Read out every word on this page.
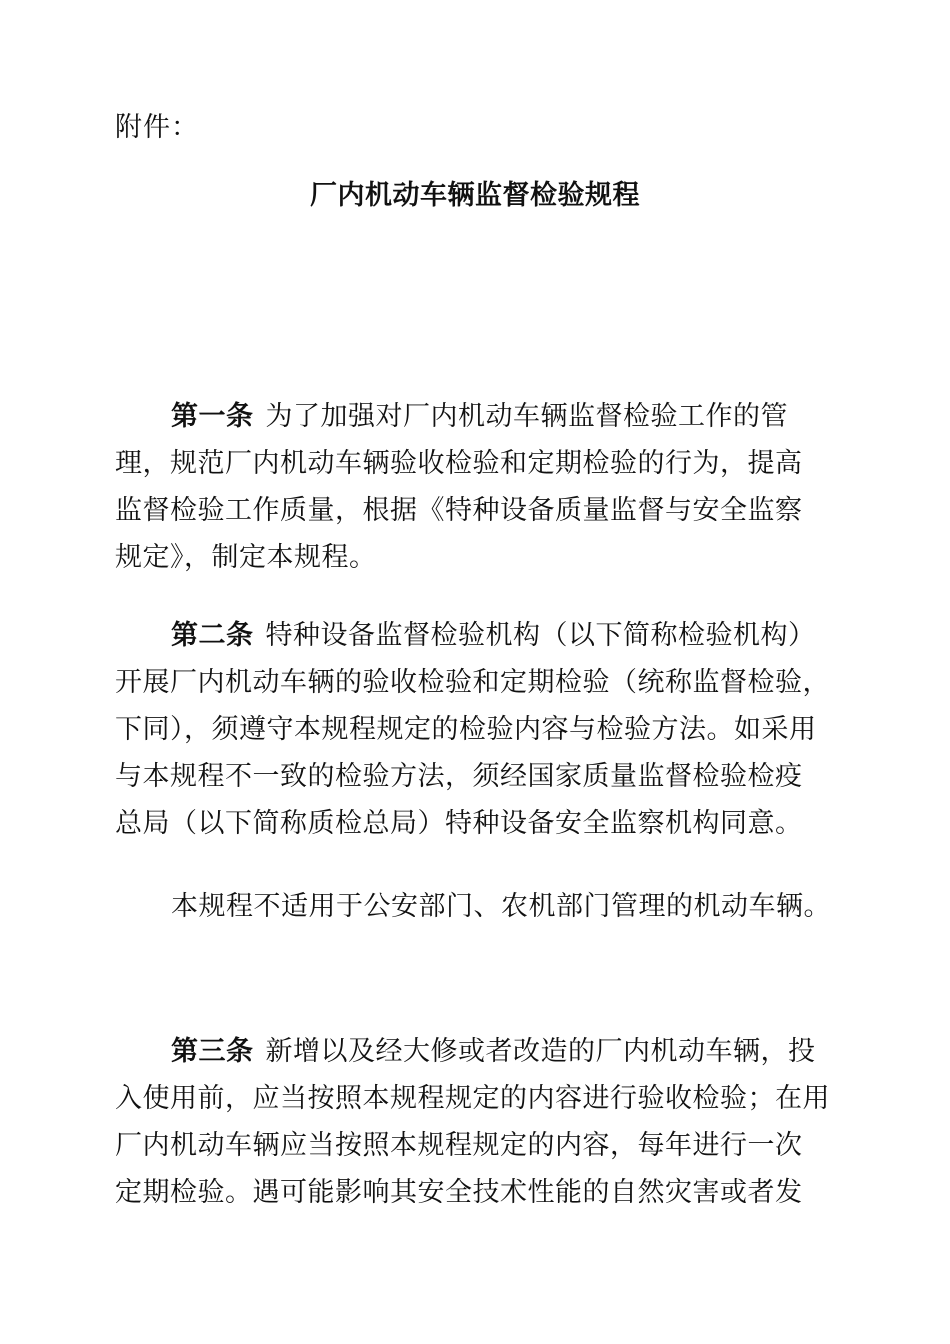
附件：
厂内机动车辆监督检验规程
第一条 为了加强对厂内机动车辆监督检验工作的管
理，规范厂内机动车辆验收检验和定期检验的行为，提高
监督检验工作质量，根据《特种设备质量监督与安全监察
规定》，制定本规程。
第二条 特种设备监督检验机构（以下简称检验机构）
开展厂内机动车辆的验收检验和定期检验（统称监督检验，
下同），须遵守本规程规定的检验内容与检验方法。如采用
与本规程不一致的检验方法，须经国家质量监督检验检疫
总局（以下简称质检总局）特种设备安全监察机构同意。
本规程不适用于公安部门、农机部门管理的机动车辆。
第三条 新增以及经大修或者改造的厂内机动车辆，投
入使用前，应当按照本规程规定的内容进行验收检验；在用
厂内机动车辆应当按照本规程规定的内容，每年进行一次
定期检验。遇可能影响其安全技术性能的自然灾害或者发
